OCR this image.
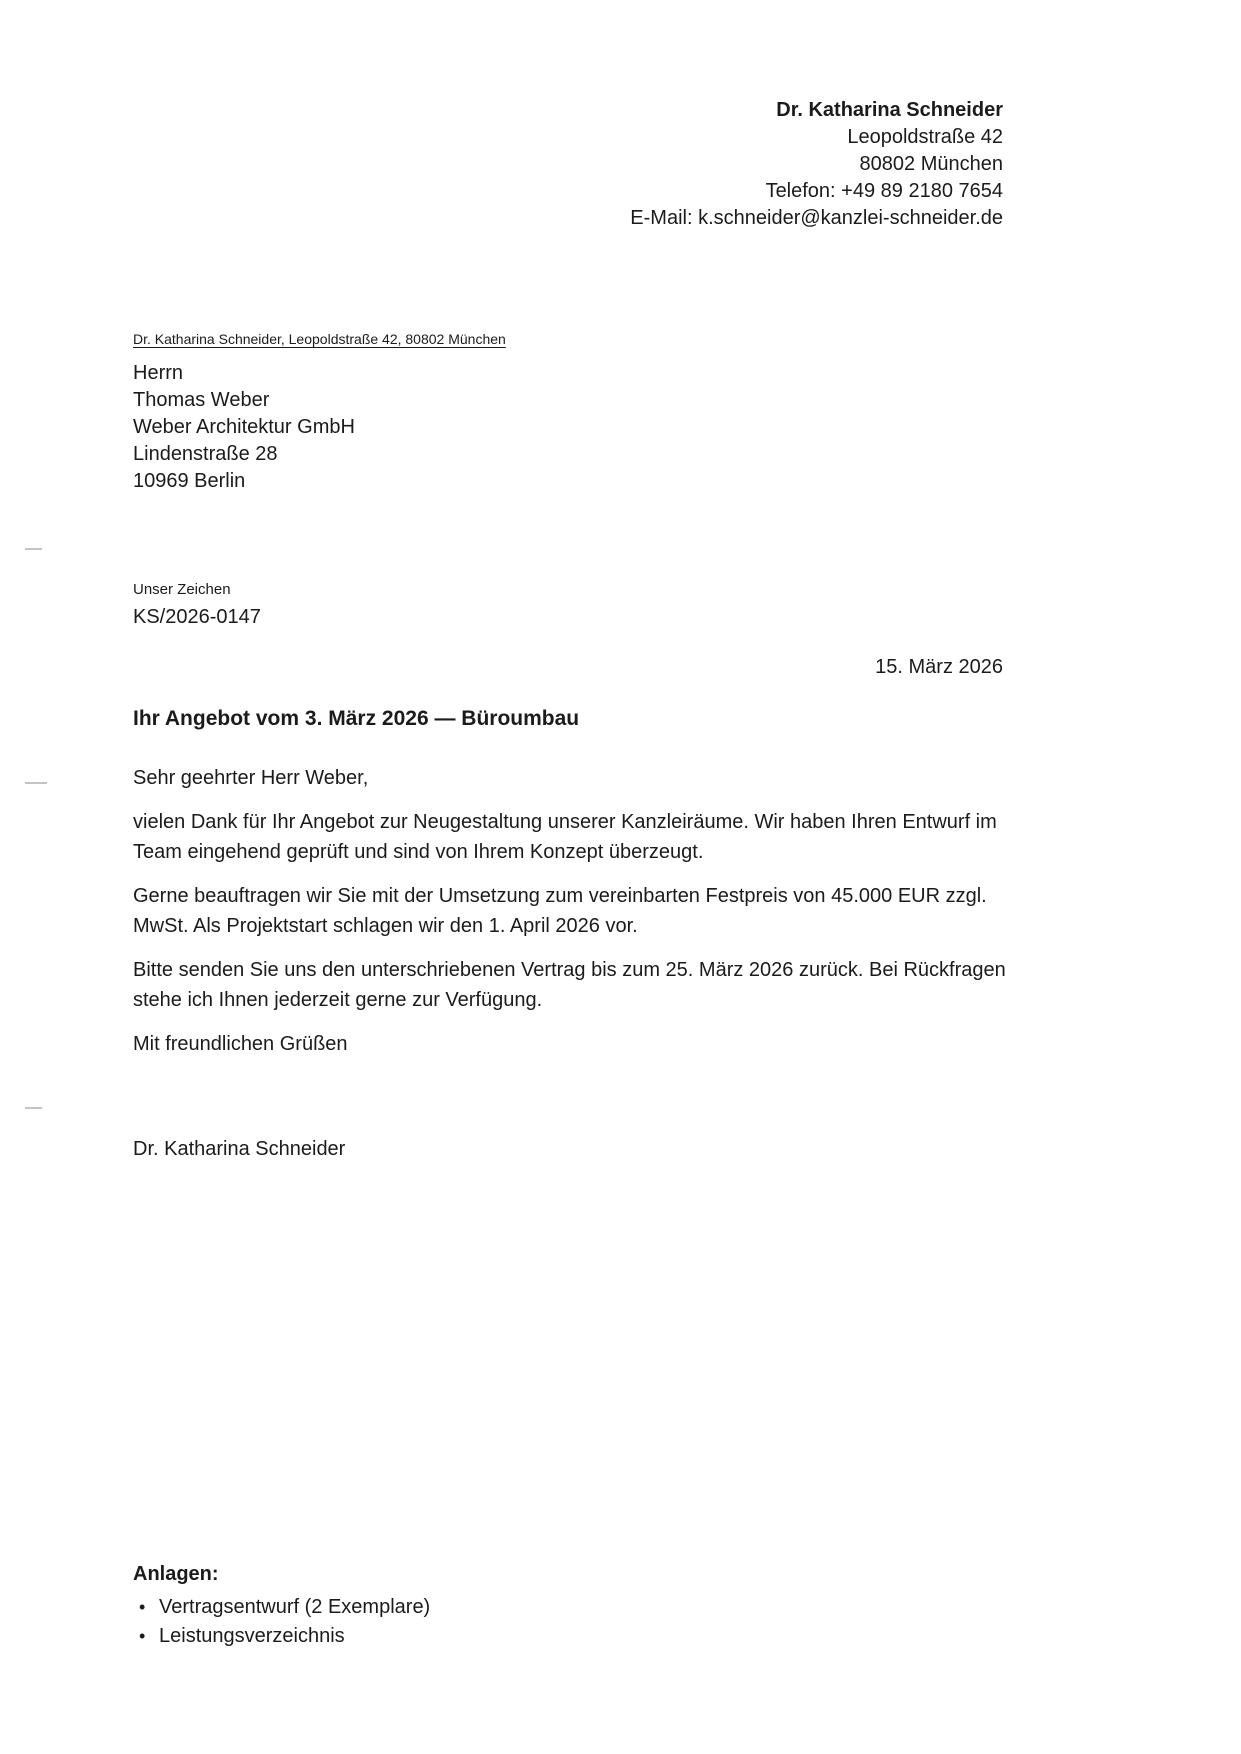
Dr. Katharina Schneider
Leopoldstraße 42
80802 München
Telefon: +49 89 2180 7654
E-Mail: k.schneider@kanzlei-schneider.de
Dr. Katharina Schneider, Leopoldstraße 42, 80802 München
Herrn
Thomas Weber
Weber Architektur GmbH
Lindenstraße 28
10969 Berlin
Unser Zeichen
KS/2026-0147
15. März 2026
Ihr Angebot vom 3. März 2026 — Büroumbau

Sehr geehrter Herr Weber,

vielen Dank für Ihr Angebot zur Neugestaltung unserer Kanzleiräume. Wir haben Ihren Entwurf im Team eingehend geprüft und sind von Ihrem Konzept überzeugt.

Gerne beauftragen wir Sie mit der Umsetzung zum vereinbarten Festpreis von 45.000 EUR zzgl. MwSt. Als Projektstart schlagen wir den 1. April 2026 vor.

Bitte senden Sie uns den unterschriebenen Vertrag bis zum 25. März 2026 zurück. Bei Rückfragen stehe ich Ihnen jederzeit gerne zur Verfügung.

Mit freundlichen Grüßen

Dr. Katharina Schneider
Anlagen:
• Vertragsentwurf (2 Exemplare)
• Leistungsverzeichnis
